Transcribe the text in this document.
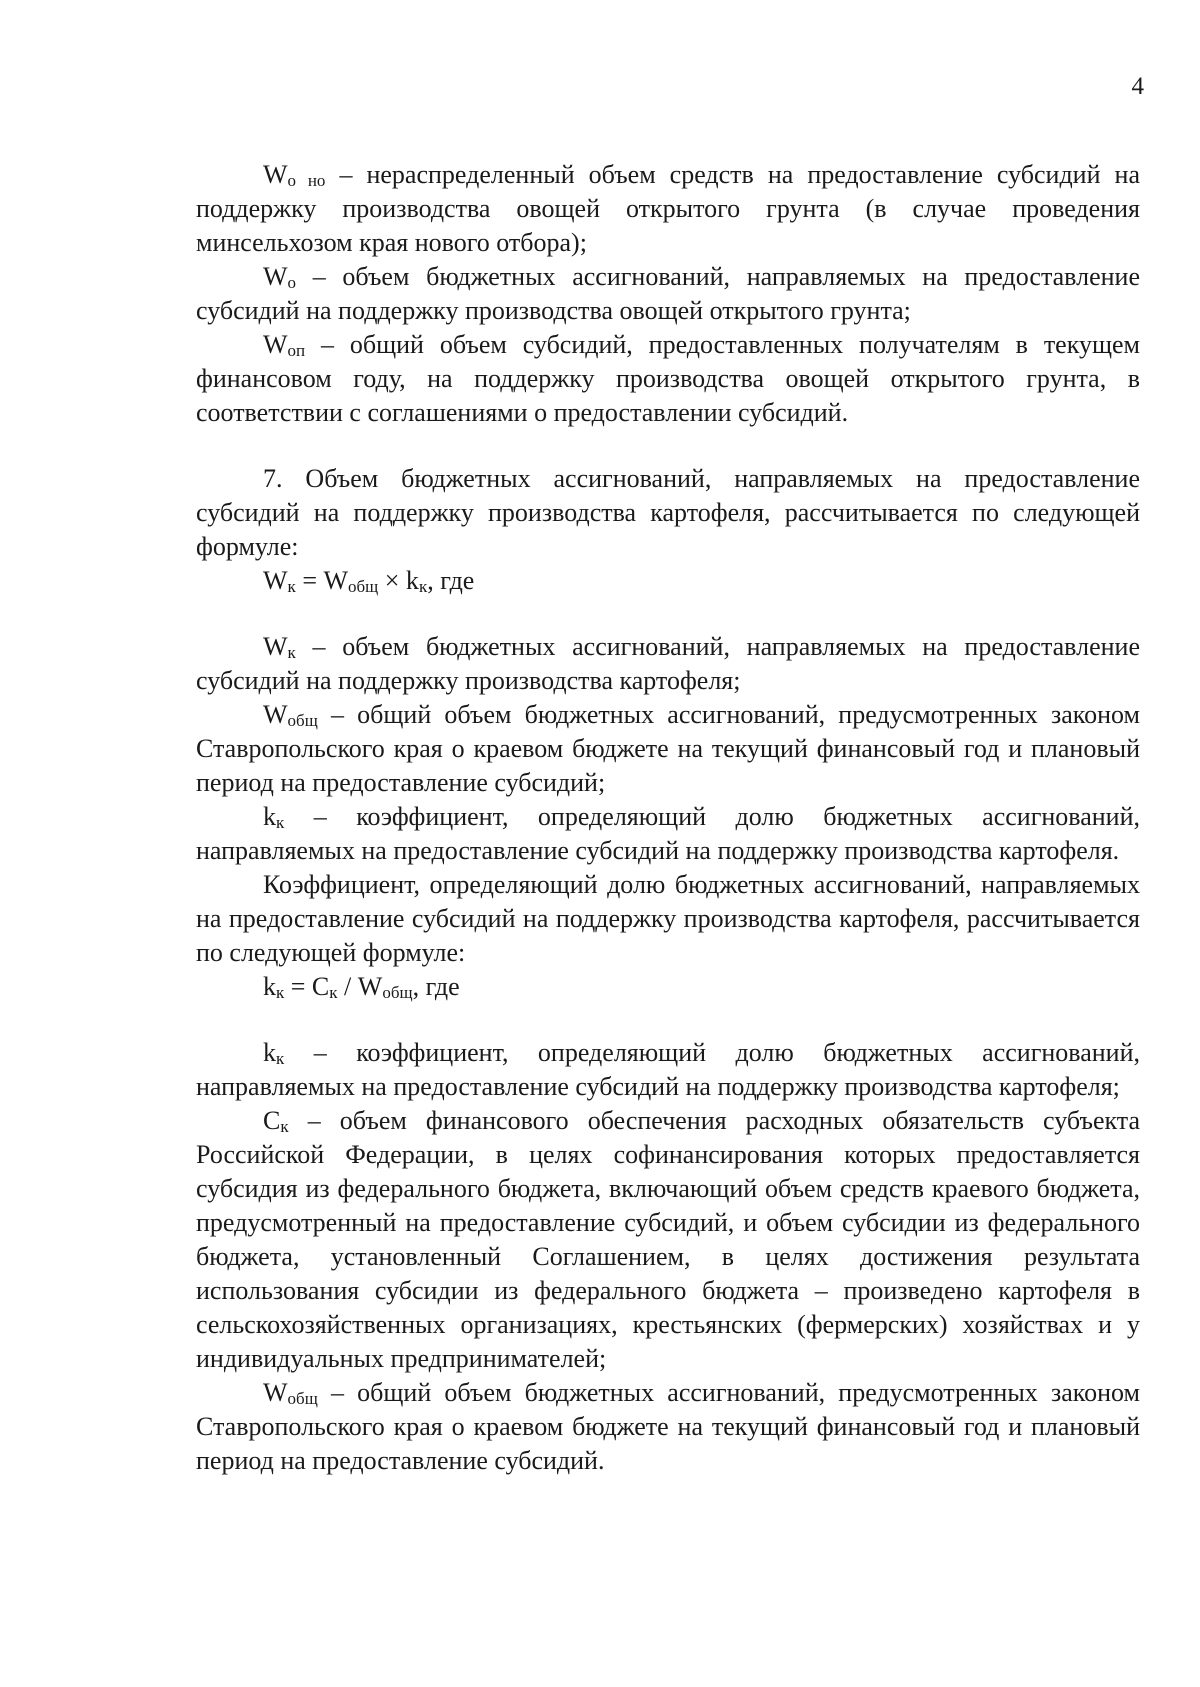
4

$W_{о но}$ – нераспределенный объем средств на предоставление субсидий на поддержку производства овощей открытого грунта (в случае проведения минсельхозом края нового отбора);

$W_о$ – объем бюджетных ассигнований, направляемых на предоставление субсидий на поддержку производства овощей открытого грунта;

$W_{оп}$ – общий объем субсидий, предоставленных получателям в текущем финансовом году, на поддержку производства овощей открытого грунта, в соответствии с соглашениями о предоставлении субсидий.

7. Объем бюджетных ассигнований, направляемых на предоставление субсидий на поддержку производства картофеля, рассчитывается по следующей формуле:

$W_к = W_{общ} \times k_к$, где

$W_к$ – объем бюджетных ассигнований, направляемых на предоставление субсидий на поддержку производства картофеля;

$W_{общ}$ – общий объем бюджетных ассигнований, предусмотренных законом Ставропольского края о краевом бюджете на текущий финансовый год и плановый период на предоставление субсидий;

$k_к$ – коэффициент, определяющий долю бюджетных ассигнований, направляемых на предоставление субсидий на поддержку производства картофеля.

Коэффициент, определяющий долю бюджетных ассигнований, направляемых на предоставление субсидий на поддержку производства картофеля, рассчитывается по следующей формуле:

$k_к = C_к / W_{общ}$, где

$k_к$ – коэффициент, определяющий долю бюджетных ассигнований, направляемых на предоставление субсидий на поддержку производства картофеля;

$C_к$ – объем финансового обеспечения расходных обязательств субъекта Российской Федерации, в целях софинансирования которых предоставляется субсидия из федерального бюджета, включающий объем средств краевого бюджета, предусмотренный на предоставление субсидий, и объем субсидии из федерального бюджета, установленный Соглашением, в целях достижения результата использования субсидии из федерального бюджета – произведено картофеля в сельскохозяйственных организациях, крестьянских (фермерских) хозяйствах и у индивидуальных предпринимателей;

$W_{общ}$ – общий объем бюджетных ассигнований, предусмотренных законом Ставропольского края о краевом бюджете на текущий финансовый год и плановый период на предоставление субсидий.
